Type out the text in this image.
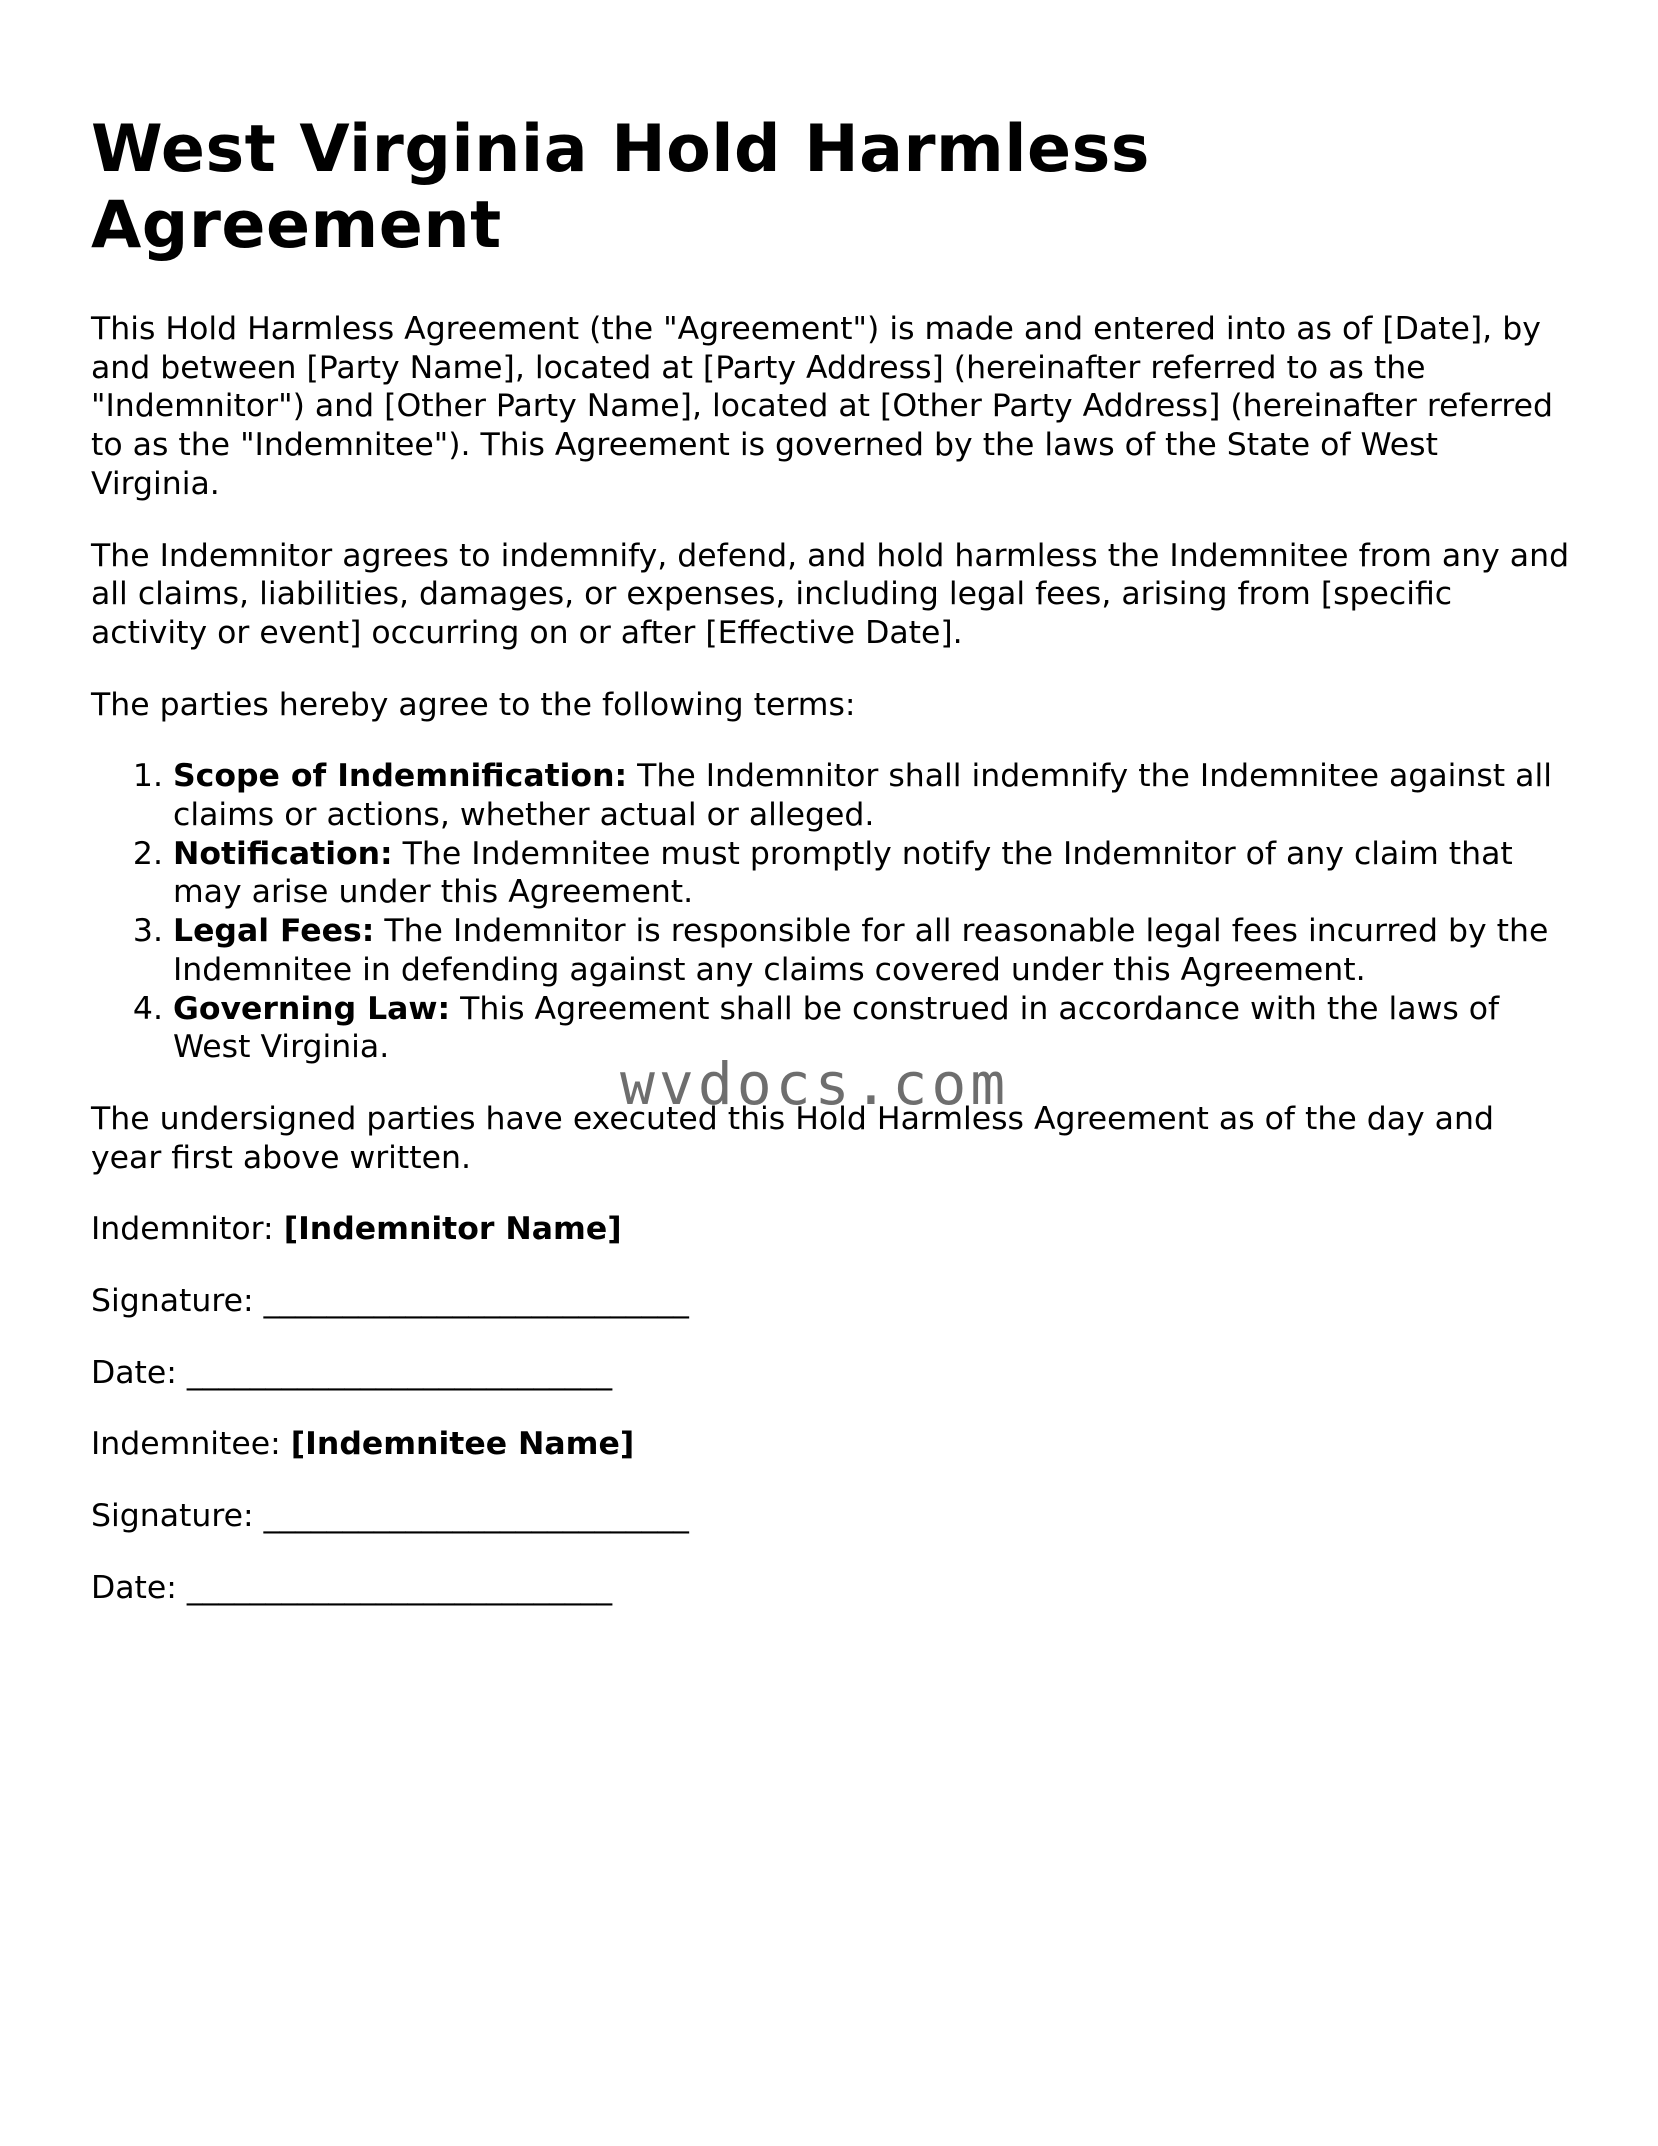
West Virginia Hold Harmless Agreement

This Hold Harmless Agreement (the "Agreement") is made and entered into as of [Date], by and between [Party Name], located at [Party Address] (hereinafter referred to as the "Indemnitor") and [Other Party Name], located at [Other Party Address] (hereinafter referred to as the "Indemnitee"). This Agreement is governed by the laws of the State of West Virginia.

The Indemnitor agrees to indemnify, defend, and hold harmless the Indemnitee from any and all claims, liabilities, damages, or expenses, including legal fees, arising from [specific activity or event] occurring on or after [Effective Date].

The parties hereby agree to the following terms:

1. Scope of Indemnification: The Indemnitor shall indemnify the Indemnitee against all claims or actions, whether actual or alleged.
2. Notification: The Indemnitee must promptly notify the Indemnitor of any claim that may arise under this Agreement.
3. Legal Fees: The Indemnitor is responsible for all reasonable legal fees incurred by the Indemnitee in defending against any claims covered under this Agreement.
4. Governing Law: This Agreement shall be construed in accordance with the laws of West Virginia.

The undersigned parties have executed this Hold Harmless Agreement as of the day and year first above written.

Indemnitor: [Indemnitor Name]

Signature: ___________________________

Date: ___________________________

Indemnitee: [Indemnitee Name]

Signature: ___________________________

Date: ___________________________

wvdocs.com
